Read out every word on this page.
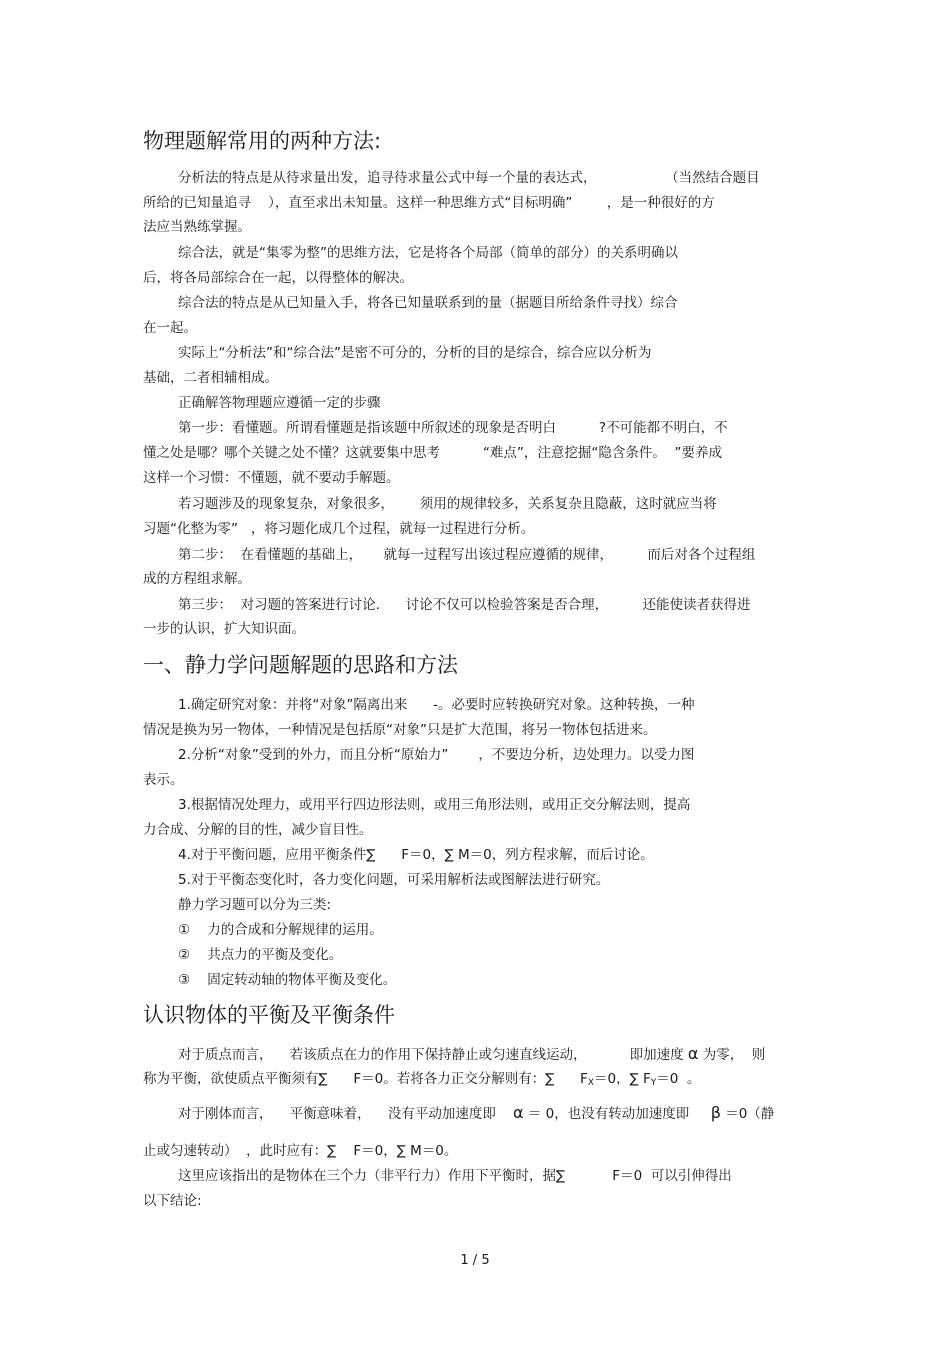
物理题解常用的两种方法:

分析法的特点是从待求量出发，追寻待求量公式中每一个量的表达式，                （当然结合题目

所给的已知量追寻    ），直至求出未知量。这样一种思维方式“目标明确”        ，是一种很好的方

法应当熟练掌握。

综合法，就是“集零为整”的思维方法，它是将各个局部（简单的部分）的关系明确以

后，将各局部综合在一起，以得整体的解决。

综合法的特点是从已知量入手，将各已知量联系到的量（据题目所给条件寻找）综合

在一起。

实际上“分析法”和“综合法”是密不可分的，分析的目的是综合，综合应以分析为

基础，二者相辅相成。

正确解答物理题应遵循一定的步骤

第一步：看懂题。所谓看懂题是指该题中所叙述的现象是否明白          ?不可能都不明白，不

懂之处是哪？哪个关键之处不懂？这就要集中思考          “难点”，注意挖掘“隐含条件。  ”要养成

这样一个习惯：不懂题，就不要动手解题。

若习题涉及的现象复杂，对象很多，      须用的规律较多，关系复杂且隐蔽，这时就应当将

习题“化整为零”   ，将习题化成几个过程，就每一过程进行分析。

第二步：  在看懂题的基础上，     就每一过程写出该过程应遵循的规律，        而后对各个过程组

成的方程组求解。

第三步：  对习题的答案进行讨论.      讨论不仅可以检验答案是否合理，        还能使读者获得进

一步的认识，扩大知识面。

一、静力学问题解题的思路和方法

1.确定研究对象：并将“对象”隔离出来      -。必要时应转换研究对象。这种转换，一种

情况是换为另一物体，一种情况是包括原“对象”只是扩大范围，将另一物体包括进来。

2.分析“对象”受到的外力，而且分析“原始力”       ，不要边分析，边处理力。以受力图

表示。

3.根据情况处理力，或用平行四边形法则，或用三角形法则，或用正交分解法则，提高

力合成、分解的目的性，减少盲目性。

4.对于平衡问题，应用平衡条件∑      F＝0，∑ M＝0，列方程求解，而后讨论。

5.对于平衡态变化时，各力变化问题，可采用解析法或图解法进行研究。

静力学习题可以分为三类:

①    力的合成和分解规律的运用。

②    共点力的平衡及变化。

③    固定转动轴的物体平衡及变化。

认识物体的平衡及平衡条件

对于质点而言，    若该质点在力的作用下保持静止或匀速直线运动，          即加速度 α 为零，  则

称为平衡，欲使质点平衡须有∑      F＝0。若将各力正交分解则有：∑      $F_X=0$，∑ $F_Y=0$  。

对于刚体而言，    平衡意味着，    没有平动加速度即    α ＝ 0，也没有转动加速度即     β ＝0（静

止或匀速转动）  ，此时应有：∑    F＝0，∑ M＝0。

这里应该指出的是物体在三个力（非平行力）作用下平衡时，据∑           F＝0  可以引伸得出

以下结论:

1 / 5
